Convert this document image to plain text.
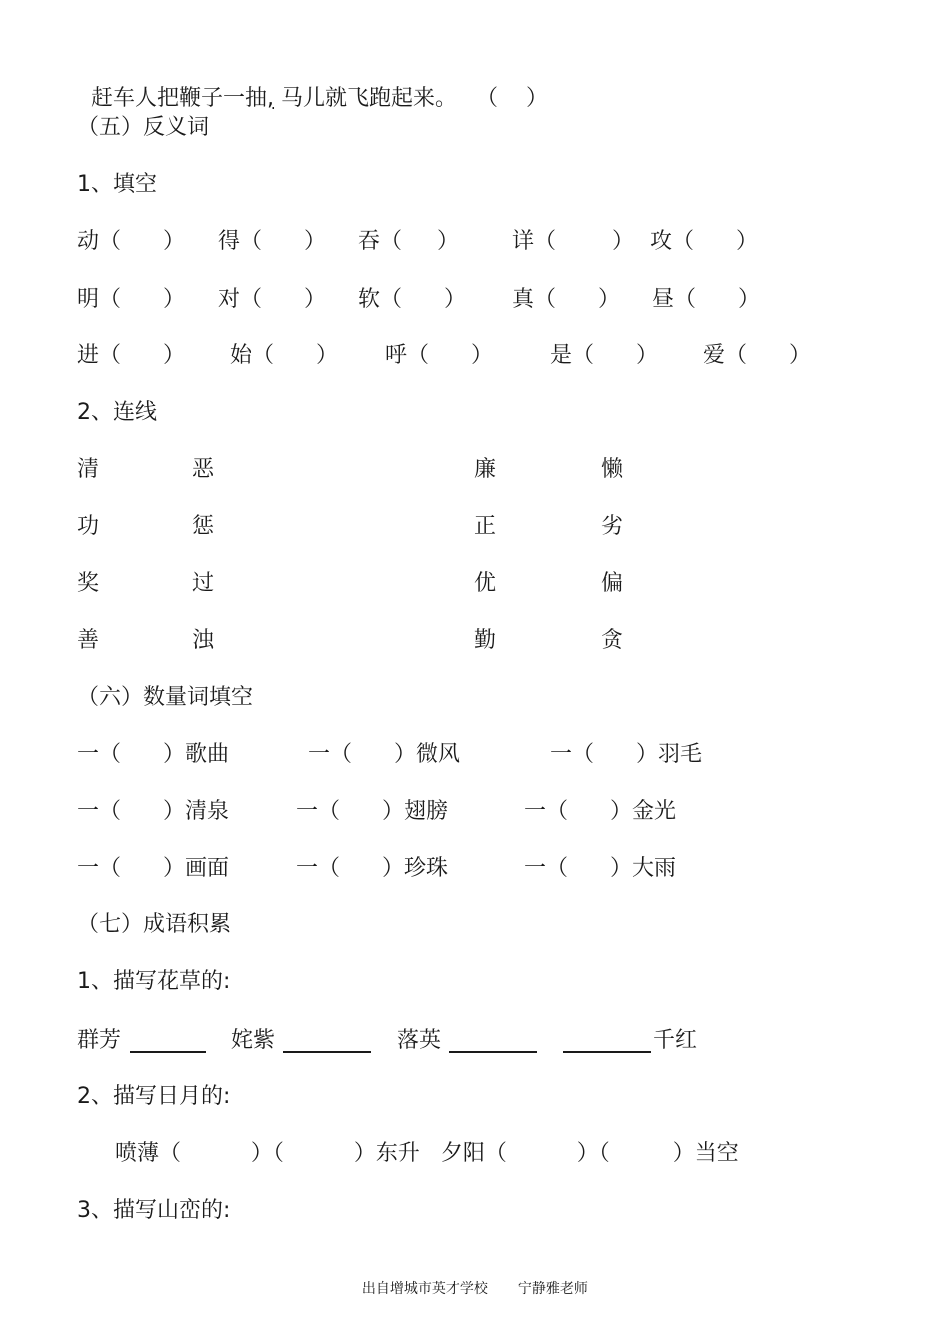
赶车人把鞭子一抽, 马儿就飞跑起来。 （    ）

（五）反义词
1、填空
动（      ） 得（      ） 吞（     ） 详（        ） 攻（      ）
明（      ） 对（      ） 软（      ） 真（      ） 昼（      ）
进（      ） 始（      ） 呼（      ）	是（      ） 爱（      ）
2、连线
清	恶	廉	懒
功	惩	正	劣
奖	过	优	偏
善	浊	勤	贪
（六）数量词填空
一（      ）歌曲	一（      ）微风	一（      ）羽毛
一（      ）清泉	一（      ）翅膀	一（      ）金光
一（      ）画面	一（      ）珍珠	一（      ）大雨
（七）成语积累
1、描写花草的:
群芳	姹紫	落英	千红
2、描写日月的:
喷薄（          ）（          ）东升   夕阳（          ）（         ）当空
3、描写山峦的:

出自增城市英才学校 宁静雅老师
